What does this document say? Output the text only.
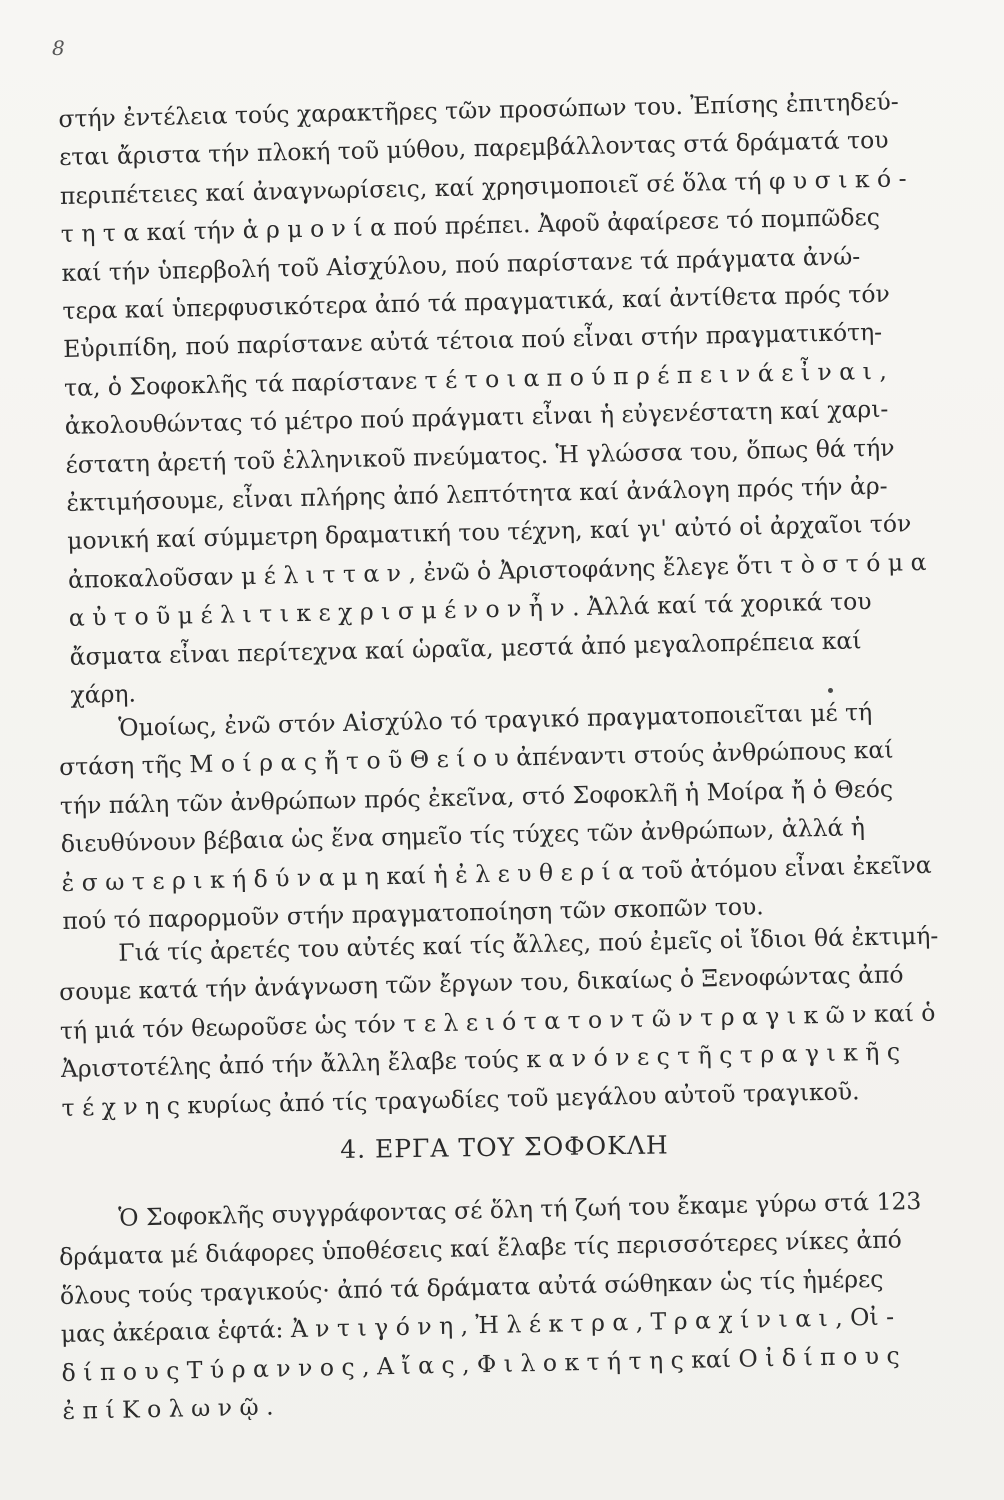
8
στήν ἐντέλεια τούς χαρακτῆρες τῶν προσώπων του. Ἐπίσης ἐπιτηδεύ-
εται ἄριστα τήν πλοκή τοῦ μύθου, παρεμβάλλοντας στά δράματά του
περιπέτειες καί ἀναγνωρίσεις, καί χρησιμοποιεῖ σέ ὅλα τή φ υ σ ι κ ό -
τ η τ α καί τήν ἁ ρ μ ο ν ί α πού πρέπει. Ἀφοῦ ἀφαίρεσε τό πομπῶδες
καί τήν ὑπερβολή τοῦ Αἰσχύλου, πού παρίστανε τά πράγματα ἀνώ-
τερα καί ὑπερφυσικότερα ἀπό τά πραγματικά, καί ἀντίθετα πρός τόν
Εὐριπίδη, πού παρίστανε αὐτά τέτοια πού εἶναι στήν πραγματικότη-
τα, ὁ Σοφοκλῆς τά παρίστανε τ έ τ ο ι α π ο ύ π ρ έ π ε ι ν ά ε ἶ ν α ι ,
ἀκολουθώντας τό μέτρο πού πράγματι εἶναι ἡ εὐγενέστατη καί χαρι-
έστατη ἀρετή τοῦ ἑλληνικοῦ πνεύματος. Ἡ γλώσσα του, ὅπως θά τήν
ἐκτιμήσουμε, εἶναι πλήρης ἀπό λεπτότητα καί ἀνάλογη πρός τήν ἀρ-
μονική καί σύμμετρη δραματική του τέχνη, καί γι' αὐτό οἱ ἀρχαῖοι τόν
ἀποκαλοῦσαν μ έ λ ι τ τ α ν , ἐνῶ ὁ Ἀριστοφάνης ἔλεγε ὅτι τ ὸ σ τ ό μ α
α ὐ τ ο ῦ μ έ λ ι τ ι κ ε χ ρ ι σ μ έ ν ο ν ἦ ν . Ἀλλά καί τά χορικά του
ἄσματα εἶναι περίτεχνα καί ὡραῖα, μεστά ἀπό μεγαλοπρέπεια καί
χάρη.
Ὁμοίως, ἐνῶ στόν Αἰσχύλο τό τραγικό πραγματοποιεῖται μέ τή
στάση τῆς Μ ο ί ρ α ς ἤ τ ο ῦ Θ ε ί ο υ ἀπέναντι στούς ἀνθρώπους καί
τήν πάλη τῶν ἀνθρώπων πρός ἐκεῖνα, στό Σοφοκλῆ ἡ Μοίρα ἤ ὁ Θεός
διευθύνουν βέβαια ὡς ἕνα σημεῖο τίς τύχες τῶν ἀνθρώπων, ἀλλά ἡ
ἐ σ ω τ ε ρ ι κ ή δ ύ ν α μ η καί ἡ ἐ λ ε υ θ ε ρ ί α τοῦ ἀτόμου εἶναι ἐκεῖνα
πού τό παρορμοῦν στήν πραγματοποίηση τῶν σκοπῶν του.
Γιά τίς ἀρετές του αὐτές καί τίς ἄλλες, πού ἐμεῖς οἱ ἴδιοι θά ἐκτιμή-
σουμε κατά τήν ἀνάγνωση τῶν ἔργων του, δικαίως ὁ Ξενοφώντας ἀπό
τή μιά τόν θεωροῦσε ὡς τόν τ ε λ ε ι ό τ α τ ο ν τ ῶ ν τ ρ α γ ι κ ῶ ν καί ὁ
Ἀριστοτέλης ἀπό τήν ἄλλη ἔλαβε τούς κ α ν ό ν ε ς τ ῆ ς τ ρ α γ ι κ ῆ ς
τ έ χ ν η ς κυρίως ἀπό τίς τραγωδίες τοῦ μεγάλου αὐτοῦ τραγικοῦ.
4. ΕΡΓΑ ΤΟΥ ΣΟΦΟΚΛΗ
Ὁ Σοφοκλῆς συγγράφοντας σέ ὅλη τή ζωή του ἔκαμε γύρω στά 123
δράματα μέ διάφορες ὑποθέσεις καί ἔλαβε τίς περισσότερες νίκες ἀπό
ὅλους τούς τραγικούς· ἀπό τά δράματα αὐτά σώθηκαν ὡς τίς ἡμέρες
μας ἀκέραια ἑφτά: Ἀ ν τ ι γ ό ν η , Ἠ λ έ κ τ ρ α , Τ ρ α χ ί ν ι α ι , Οἰ -
δ ί π ο υ ς Τ ύ ρ α ν ν ο ς , Α ἴ α ς , Φ ι λ ο κ τ ή τ η ς καί Ο ἰ δ ί π ο υ ς
ἐ π ί Κ ο λ ω ν ῷ .
